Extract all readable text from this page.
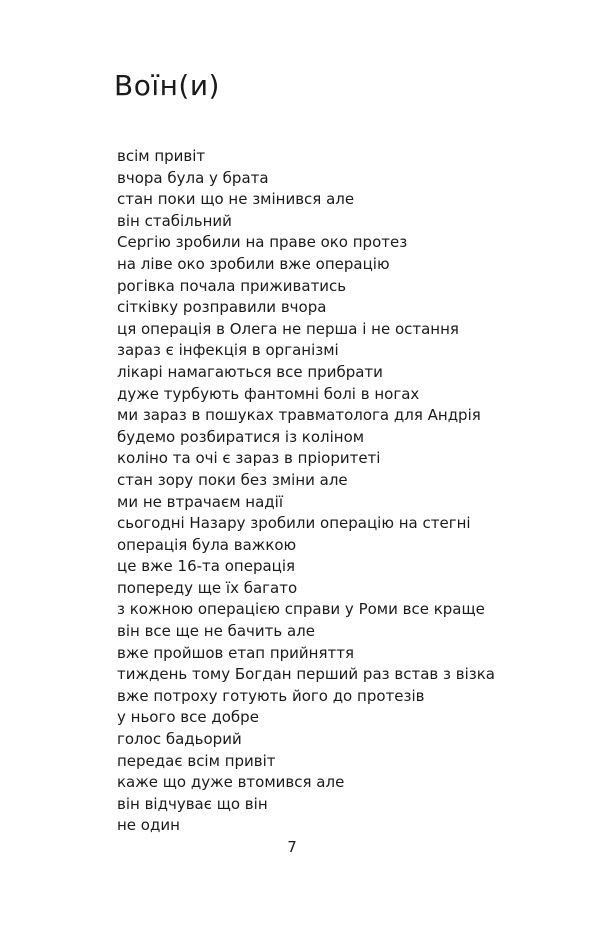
Воїн(и)
всім привіт
вчора була у брата
стан поки що не змінився але
він стабільний
Сергію зробили на праве око протез
на ліве око зробили вже операцію
рогівка почала приживатись
сітківку розправили вчора
ця операція в Олега не перша і не остання
зараз є інфекція в організмі
лікарі намагаються все прибрати
дуже турбують фантомні болі в ногах
ми зараз в пошуках травматолога для Андрія
будемо розбиратися із коліном
коліно та очі є зараз в пріоритеті
стан зору поки без зміни але
ми не втрачаєм надії
сьогодні Назару зробили операцію на стегні
операція була важкою
це вже 16-та операція
попереду ще їх багато
з кожною операцією справи у Роми все краще
він все ще не бачить але
вже пройшов етап прийняття
тиждень тому Богдан перший раз встав з візка
вже потроху готують його до протезів
у нього все добре
голос бадьорий
передає всім привіт
каже що дуже втомився але
він відчуває що він
не один
7
